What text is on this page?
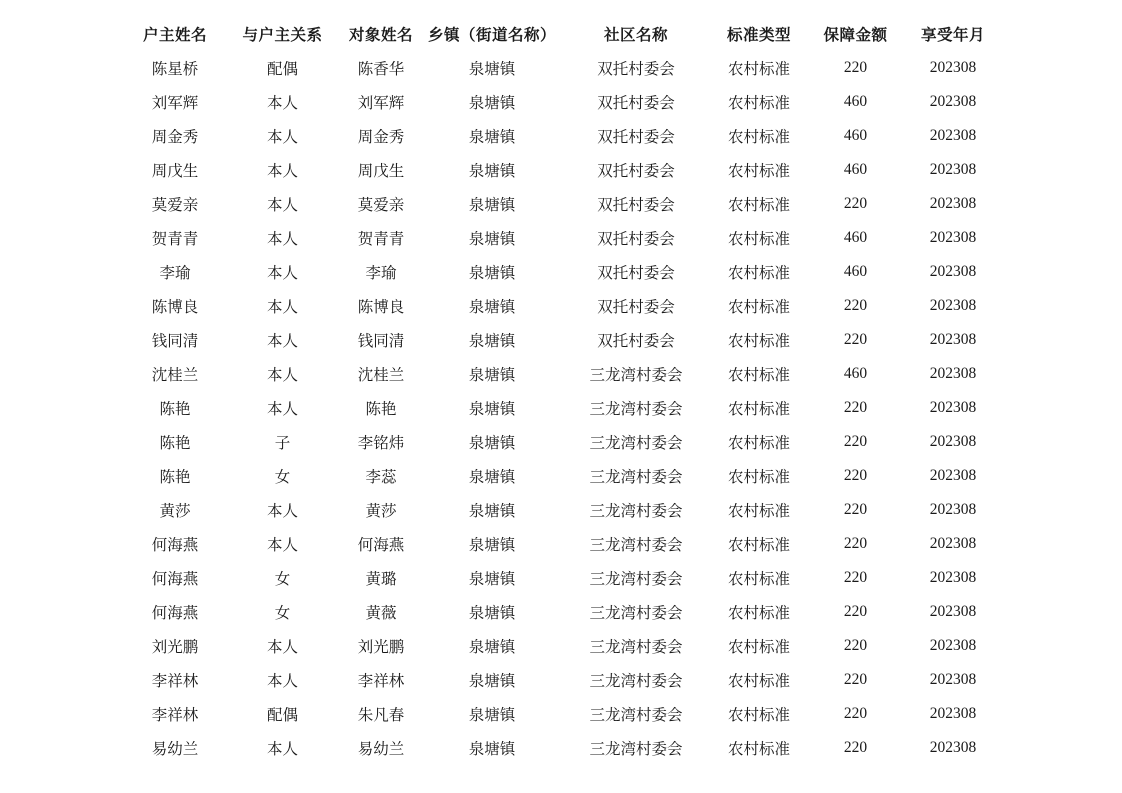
户主姓名	与户主关系	对象姓名	乡镇（街道名称）	社区名称	标准类型	保障金额	享受年月
陈星桥	配偶	陈香华	泉塘镇	双托村委会	农村标准	220	202308
刘军辉	本人	刘军辉	泉塘镇	双托村委会	农村标准	460	202308
周金秀	本人	周金秀	泉塘镇	双托村委会	农村标准	460	202308
周戊生	本人	周戊生	泉塘镇	双托村委会	农村标准	460	202308
莫爱亲	本人	莫爱亲	泉塘镇	双托村委会	农村标准	220	202308
贺青青	本人	贺青青	泉塘镇	双托村委会	农村标准	460	202308
李瑜	本人	李瑜	泉塘镇	双托村委会	农村标准	460	202308
陈博良	本人	陈博良	泉塘镇	双托村委会	农村标准	220	202308
钱同清	本人	钱同清	泉塘镇	双托村委会	农村标准	220	202308
沈桂兰	本人	沈桂兰	泉塘镇	三龙湾村委会	农村标准	460	202308
陈艳	本人	陈艳	泉塘镇	三龙湾村委会	农村标准	220	202308
陈艳	子	李铭炜	泉塘镇	三龙湾村委会	农村标准	220	202308
陈艳	女	李蕊	泉塘镇	三龙湾村委会	农村标准	220	202308
黄莎	本人	黄莎	泉塘镇	三龙湾村委会	农村标准	220	202308
何海燕	本人	何海燕	泉塘镇	三龙湾村委会	农村标准	220	202308
何海燕	女	黄璐	泉塘镇	三龙湾村委会	农村标准	220	202308
何海燕	女	黄薇	泉塘镇	三龙湾村委会	农村标准	220	202308
刘光鹏	本人	刘光鹏	泉塘镇	三龙湾村委会	农村标准	220	202308
李祥林	本人	李祥林	泉塘镇	三龙湾村委会	农村标准	220	202308
李祥林	配偶	朱凡春	泉塘镇	三龙湾村委会	农村标准	220	202308
易幼兰	本人	易幼兰	泉塘镇	三龙湾村委会	农村标准	220	202308
